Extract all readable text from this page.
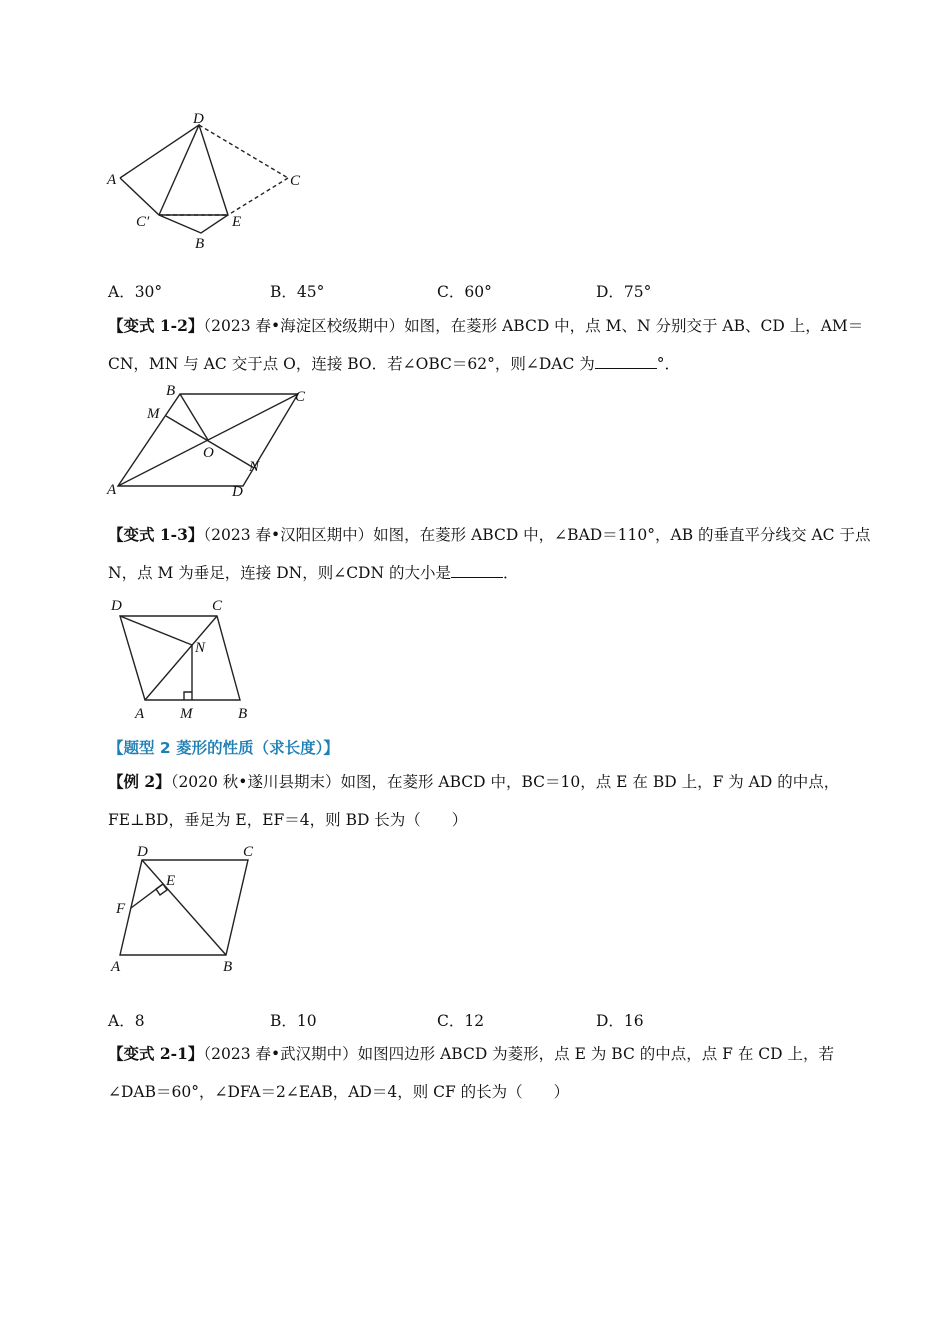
D
A	C
C′	E
B
A．30°	B．45°	C．60°	D．75°
【变式 1-2】（2023 春•海淀区校级期中）如图，在菱形 ABCD 中，点 M、N 分别交于 AB、CD 上，AM＝
CN，MN 与 AC 交于点 O，连接 BO．若∠OBC＝62°，则∠DAC 为	°．
B	C
M
O
N
A	D
【变式 1-3】（2023 春•汉阳区期中）如图，在菱形 ABCD 中，∠BAD＝110°，AB 的垂直平分线交 AC 于点
N，点 M 为垂足，连接 DN，则∠CDN 的大小是	．
D	C
N
A M	B
【题型 2 菱形的性质（求长度）】
【例 2】（2020 秋•遂川县期末）如图，在菱形 ABCD 中，BC＝10，点 E 在 BD 上，F 为 AD 的中点，
FE⊥BD，垂足为 E，EF＝4，则 BD 长为（　　）
D	C
E
F
A	B
A．8	B．10	C．12	D．16
【变式 2-1】（2023 春•武汉期中）如图四边形 ABCD 为菱形，点 E 为 BC 的中点，点 F 在 CD 上，若
∠DAB＝60°，∠DFA＝2∠EAB，AD＝4，则 CF 的长为（　　）
